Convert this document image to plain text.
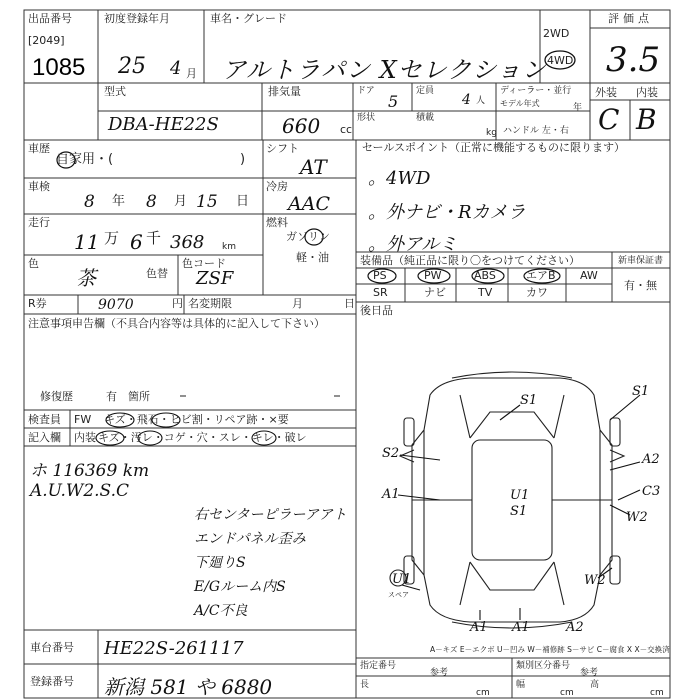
出品番号
[2049]
1085
初度登録年月
25 4 月
車名・グレード
アルトラパン Xセレクション
2WD
4WD
評価点
3.5
型式
DBA-HE22S
排気量
660 cc
ドア
5
定員
4 人
ディーラー・並行
モデル年式	年
形状	積載
kg ハンドル 左・右
外装 内装
C B
車歴
自家用・(	)
シフト
AT
車検
8 年 8 月 15 日
冷房
AAC
走行
11 万 6 千 368 km
燃料
ガソリン
軽・油
色
茶	色替
色コード
ZSF
R券	9070	円 名変期限	月	日
セールスポイント（正常に機能するものに限ります）
。4WD
。外ナビ・Rカメラ
。外アルミ
装備品（純正品に限り〇をつけてください）	新車保証書
有・無
PS	PW	ABS	エアB AW
SR	ナビ	TV	カワ
後日品
注意事項申告欄（不具合内容等は具体的に記入して下さい）
修復歴	有 箇所
検査員
記入欄
FW キズ・飛石・ヒビ割・リペア跡・×要
内装 キズ・汚レ・コゲ・穴・スレ・キレ・破レ
ホ 116369 km
A.U.W2.S.C
右センターピラーアアト
エンドパネル歪み
下廻りS
E/Gルーム内S
A/C不良
S1
S1
S2	A2
A1	C3
U1
S1	W2
U1	W2
A1	A2
A1
スペア
A－キズ E－エクボ U－凹み W－補修跡 S－サビ C－腐食 X X－交換済
車台番号 HE22S-261117
登録番号 新潟 581 や 6880
指定番号
参考
類別区分番号
参考
長
cm
幅
cm
高
cm
